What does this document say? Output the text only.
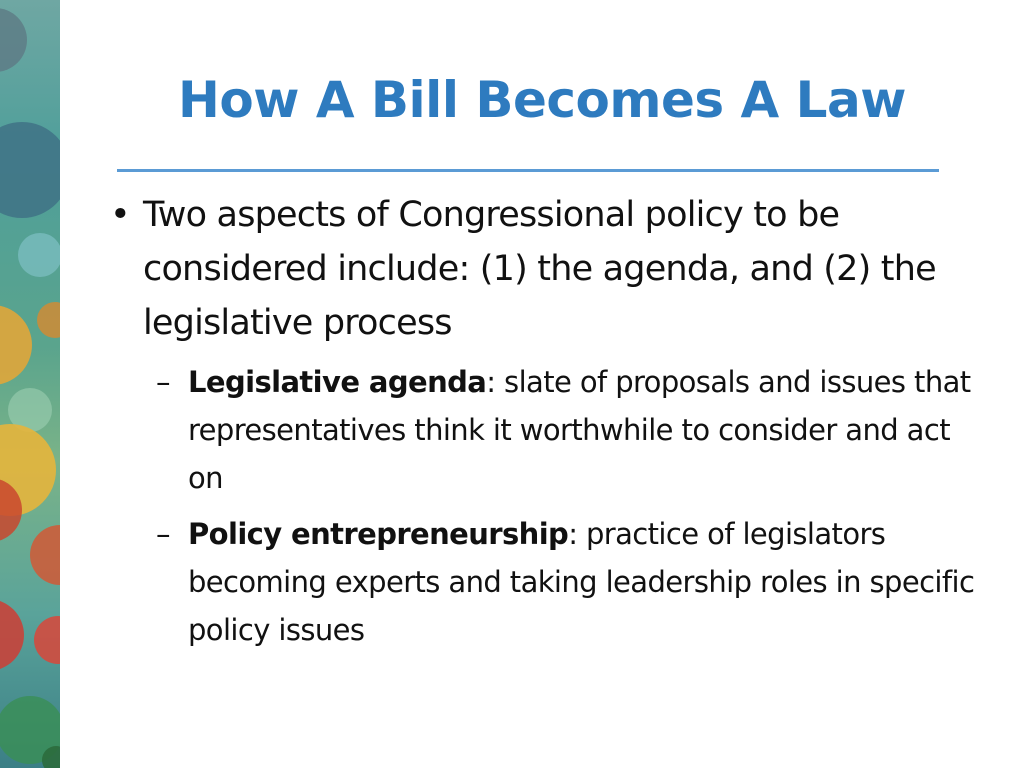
How A Bill Becomes A Law
• Two aspects of Congressional policy to be considered include: (1) the agenda, and (2) the legislative process
– Legislative agenda: slate of proposals and issues that representatives think it worthwhile to consider and act on
– Policy entrepreneurship: practice of legislators becoming experts and taking leadership roles in specific policy issues
